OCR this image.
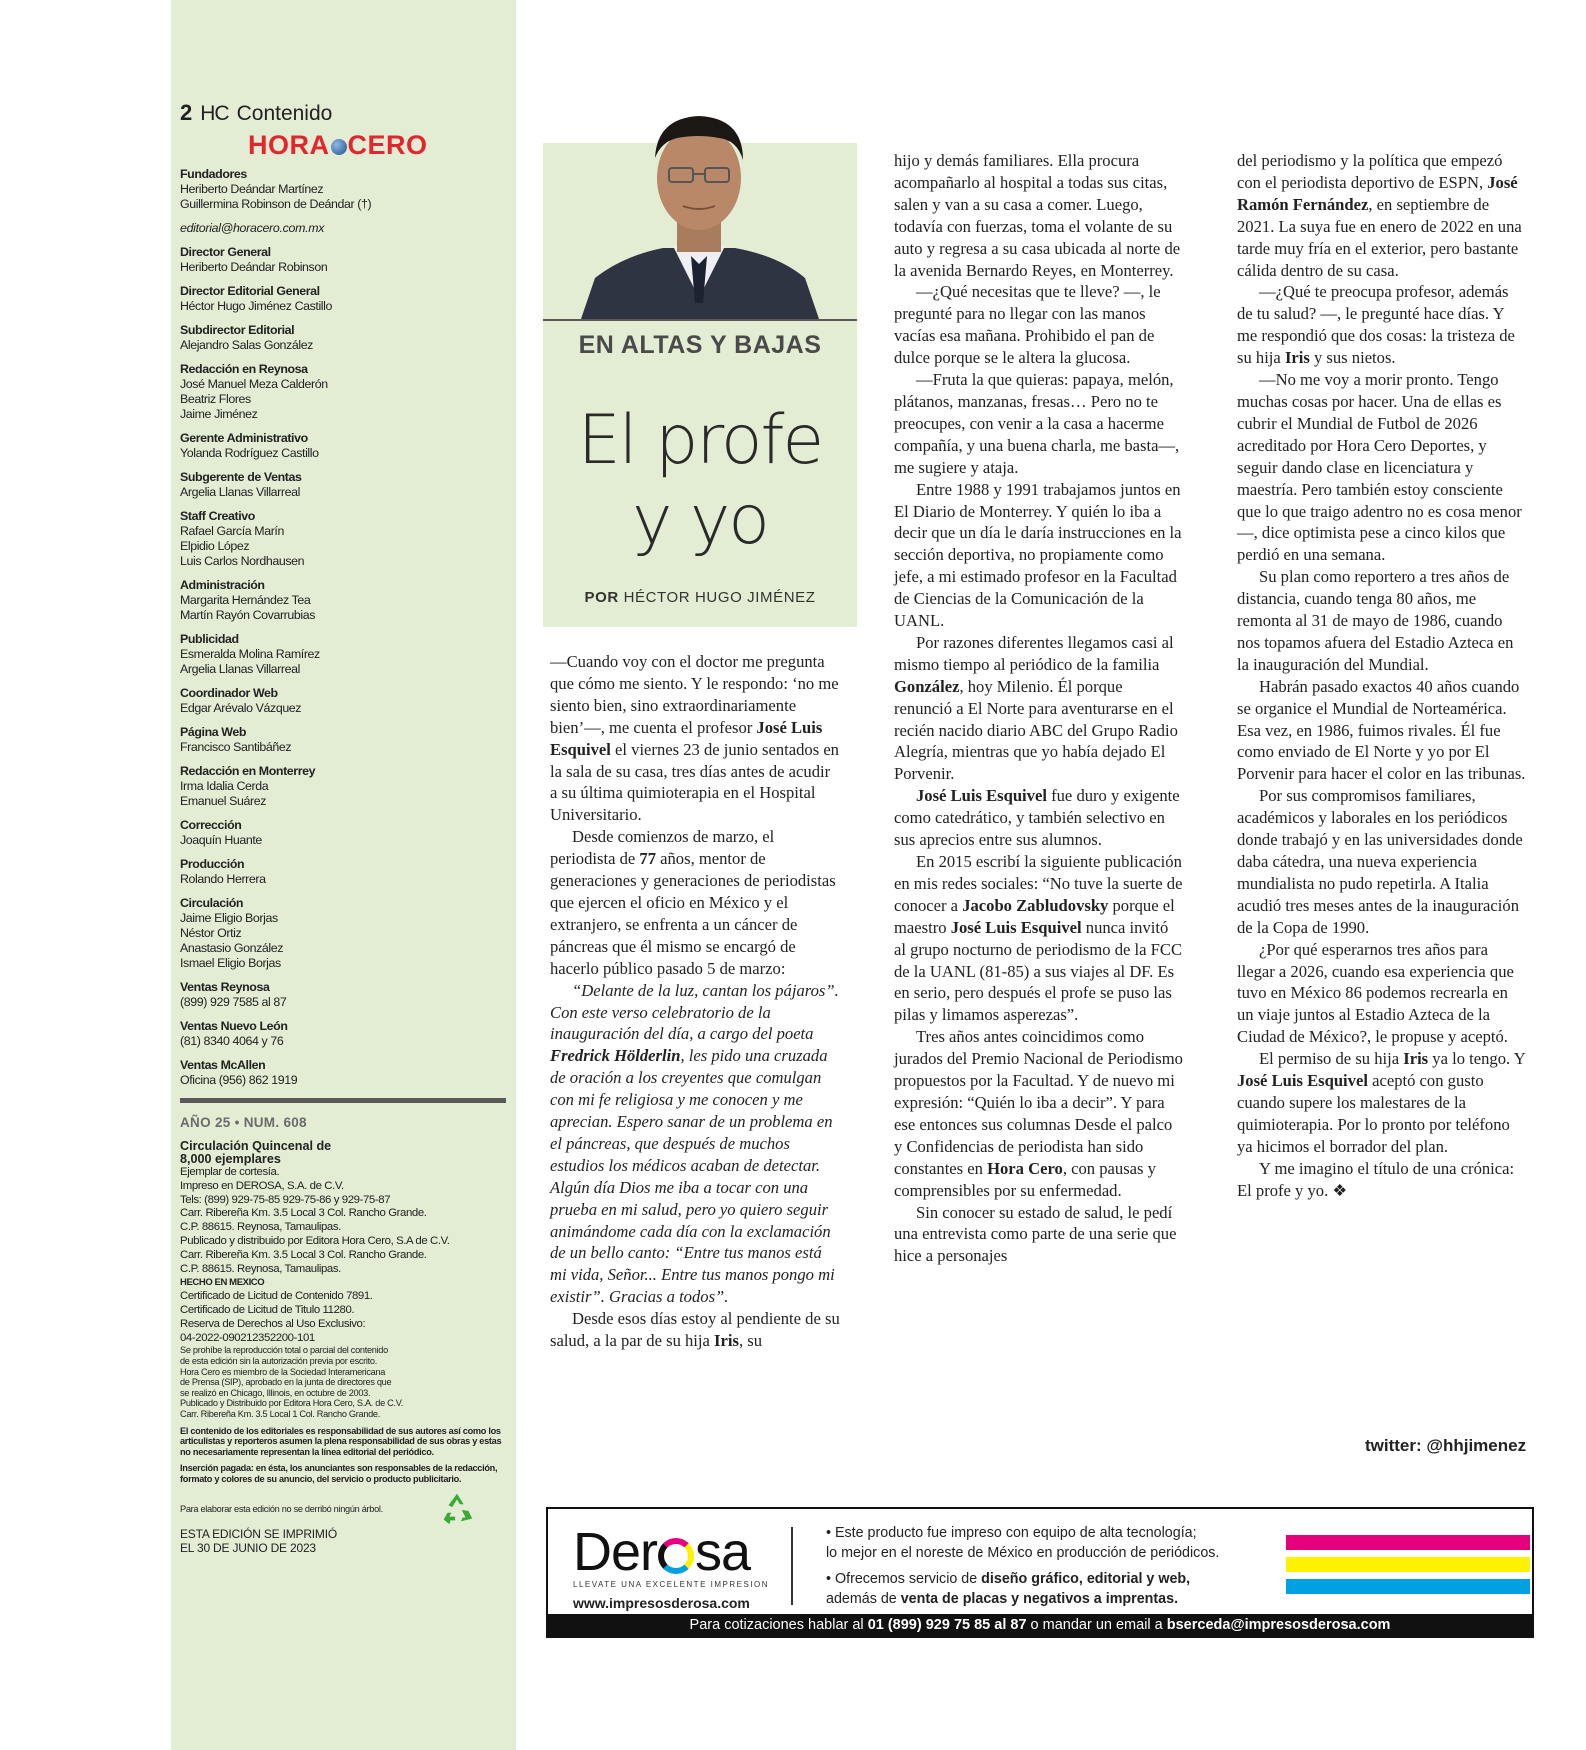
2 HC Contenido
HORA CERO
Fundadores
Heriberto Deándar Martínez
Guillermina Robinson de Deándar (†)
editorial@horacero.com.mx
Director General
Heriberto Deándar Robinson
Director Editorial General
Héctor Hugo Jiménez Castillo
Subdirector Editorial
Alejandro Salas González
Redacción en Reynosa
José Manuel Meza Calderón
Beatriz Flores
Jaime Jiménez
Gerente Administrativo
Yolanda Rodríguez Castillo
Subgerente de Ventas
Argelia Llanas Villarreal
Staff Creativo
Rafael García Marín
Elpidio López
Luis Carlos Nordhausen
Administración
Margarita Hernández Tea
Martín Rayón Covarrubias
Publicidad
Esmeralda Molina Ramírez
Argelia Llanas Villarreal
Coordinador Web
Edgar Arévalo Vázquez
Página Web
Francisco Santibáñez
Redacción en Monterrey
Irma Idalia Cerda
Emanuel Suárez
Corrección
Joaquín Huante
Producción
Rolando Herrera
Circulación
Jaime Eligio Borjas
Néstor Ortiz
Anastasio González
Ismael Eligio Borjas
Ventas Reynosa
(899) 929 7585 al 87
Ventas Nuevo León
(81) 8340 4064 y 76
Ventas McAllen
Oficina (956) 862 1919
AÑO 25 • NUM. 608
Circulación Quincenal de
8,000 ejemplares
Ejemplar de cortesía.
Impreso en DEROSA, S.A. de C.V.
Tels: (899) 929-75-85 929-75-86 y 929-75-87
Carr. Ribereña Km. 3.5 Local 3 Col. Rancho Grande.
C.P. 88615. Reynosa, Tamaulipas.
Publicado y distribuido por Editora Hora Cero, S.A de C.V.
Carr. Ribereña Km. 3.5 Local 3 Col. Rancho Grande.
C.P. 88615. Reynosa, Tamaulipas.
HECHO EN MEXICO
Certificado de Licitud de Contenido 7891.
Certificado de Licitud de Titulo 11280.
Reserva de Derechos al Uso Exclusivo:
04-2022-090212352200-101
Se prohíbe la reproducción total o parcial del contenido
de esta edición sin la autorización previa por escrito.
Hora Cero es miembro de la Sociedad Interamericana
de Prensa (SIP), aprobado en la junta de directores que
se realizó en Chicago, Illinois, en octubre de 2003.
Publicado y Distribuido por Editora Hora Cero, S.A. de C.V.
Carr. Ribereña Km. 3.5 Local 1 Col. Rancho Grande.
El contenido de los editoriales es responsabilidad de sus autores así como los articulistas y reporteros asumen la plena responsabilidad de sus obras y estas no necesariamente representan la línea editorial del periódico.
Inserción pagada: en ésta, los anunciantes son responsables de la redacción, formato y colores de su anuncio, del servicio o producto publicitario.
Para elaborar esta edición no se derribó ningún árbol.
ESTA EDICIÓN SE IMPRIMIÓ
EL 30 DE JUNIO DE 2023
EN ALTAS Y BAJAS
El profe
y yo
POR HÉCTOR HUGO JIMÉNEZ

—Cuando voy con el doctor me pregunta que cómo me siento. Y le respondo: ‘no me siento bien, sino extraordinariamente bien’—, me cuenta el profesor José Luis Esquivel el viernes 23 de junio sentados en la sala de su casa, tres días antes de acudir a su última quimioterapia en el Hospital Universitario.

Desde comienzos de marzo, el periodista de 77 años, mentor de generaciones y generaciones de periodistas que ejercen el oficio en México y el extranjero, se enfrenta a un cáncer de páncreas que él mismo se encargó de hacerlo público pasado 5 de marzo:

“Delante de la luz, cantan los pájaros”. Con este verso celebratorio de la inauguración del día, a cargo del poeta Fredrick Hölderlin, les pido una cruzada de oración a los creyentes que comulgan con mi fe religiosa y me conocen y me aprecian. Espero sanar de un problema en el páncreas, que después de muchos estudios los médicos acaban de detectar. Algún día Dios me iba a tocar con una prueba en mi salud, pero yo quiero seguir animándome cada día con la exclamación de un bello canto: “Entre tus manos está mi vida, Señor... Entre tus manos pongo mi existir”. Gracias a todos”.

Desde esos días estoy al pendiente de su salud, a la par de su hija Iris, su

hijo y demás familiares. Ella procura acompañarlo al hospital a todas sus citas, salen y van a su casa a comer. Luego, todavía con fuerzas, toma el volante de su auto y regresa a su casa ubicada al norte de la avenida Bernardo Reyes, en Monterrey.

—¿Qué necesitas que te lleve? —, le pregunté para no llegar con las manos vacías esa mañana. Prohibido el pan de dulce porque se le altera la glucosa.

—Fruta la que quieras: papaya, melón, plátanos, manzanas, fresas… Pero no te preocupes, con venir a la casa a hacerme compañía, y una buena charla, me basta—, me sugiere y ataja.

Entre 1988 y 1991 trabajamos juntos en El Diario de Monterrey. Y quién lo iba a decir que un día le daría instrucciones en la sección deportiva, no propiamente como jefe, a mi estimado profesor en la Facultad de Ciencias de la Comunicación de la UANL.

Por razones diferentes llegamos casi al mismo tiempo al periódico de la familia González, hoy Milenio. Él porque renunció a El Norte para aventurarse en el recién nacido diario ABC del Grupo Radio Alegría, mientras que yo había dejado El Porvenir.

José Luis Esquivel fue duro y exigente como catedrático, y también selectivo en sus aprecios entre sus alumnos.

En 2015 escribí la siguiente publicación en mis redes sociales: “No tuve la suerte de conocer a Jacobo Zabludovsky porque el maestro José Luis Esquivel nunca invitó al grupo nocturno de periodismo de la FCC de la UANL (81-85) a sus viajes al DF. Es en serio, pero después el profe se puso las pilas y limamos asperezas”.

Tres años antes coincidimos como jurados del Premio Nacional de Periodismo propuestos por la Facultad. Y de nuevo mi expresión: “Quién lo iba a decir”. Y para ese entonces sus columnas Desde el palco y Confidencias de periodista han sido constantes en Hora Cero, con pausas y comprensibles por su enfermedad.

Sin conocer su estado de salud, le pedí una entrevista como parte de una serie que hice a personajes

del periodismo y la política que empezó con el periodista deportivo de ESPN, José Ramón Fernández, en septiembre de 2021. La suya fue en enero de 2022 en una tarde muy fría en el exterior, pero bastante cálida dentro de su casa.

—¿Qué te preocupa profesor, además de tu salud? —, le pregunté hace días. Y me respondió que dos cosas: la tristeza de su hija Iris y sus nietos.

—No me voy a morir pronto. Tengo muchas cosas por hacer. Una de ellas es cubrir el Mundial de Futbol de 2026 acreditado por Hora Cero Deportes, y seguir dando clase en licenciatura y maestría. Pero también estoy consciente que lo que traigo adentro no es cosa menor—, dice optimista pese a cinco kilos que perdió en una semana.

Su plan como reportero a tres años de distancia, cuando tenga 80 años, me remonta al 31 de mayo de 1986, cuando nos topamos afuera del Estadio Azteca en la inauguración del Mundial.

Habrán pasado exactos 40 años cuando se organice el Mundial de Norteamérica. Esa vez, en 1986, fuimos rivales. Él fue como enviado de El Norte y yo por El Porvenir para hacer el color en las tribunas.

Por sus compromisos familiares, académicos y laborales en los periódicos donde trabajó y en las universidades donde daba cátedra, una nueva experiencia mundialista no pudo repetirla. A Italia acudió tres meses antes de la inauguración de la Copa de 1990.

¿Por qué esperarnos tres años para llegar a 2026, cuando esa experiencia que tuvo en México 86 podemos recrearla en un viaje juntos al Estadio Azteca de la Ciudad de México?, le propuse y aceptó.

El permiso de su hija Iris ya lo tengo. Y José Luis Esquivel aceptó con gusto cuando supere los malestares de la quimioterapia. Por lo pronto por teléfono ya hicimos el borrador del plan.

Y me imagino el título de una crónica: El profe y yo. ❖

twitter: @hhjimenez
Der sa
LLEVATE UNA EXCELENTE IMPRESION
www.impresosderosa.com

• Este producto fue impreso con equipo de alta tecnología;
lo mejor en el noreste de México en producción de periódicos.

• Ofrecemos servicio de diseño gráfico, editorial y web,
además de venta de placas y negativos a imprentas.

Para cotizaciones hablar al 01 (899) 929 75 85 al 87 o mandar un email a bserceda@impresosderosa.com
